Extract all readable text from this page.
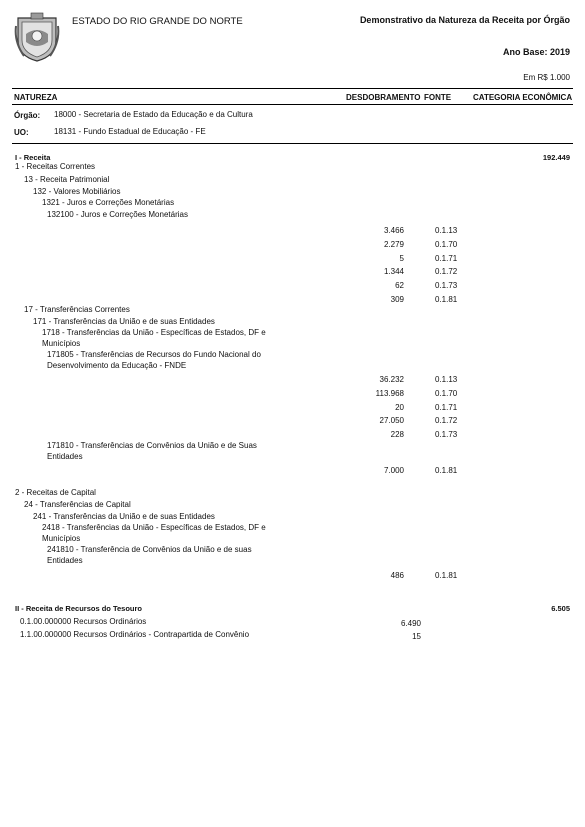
ESTADO DO RIO GRANDE DO NORTE	Demonstrativo da Natureza da Receita por Órgão
Ano Base: 2019
Em R$ 1.000
NATUREZA	DESDOBRAMENTO FONTE	CATEGORIA ECONÔMICA
Órgão: 18000 - Secretaria de Estado da Educação e da Cultura
UO:	18131 - Fundo Estadual de Educação - FE
I - Receita	192.449
1 - Receitas Correntes
13 - Receita Patrimonial
132 - Valores Mobiliários
1321 - Juros e Correções Monetárias
132100 - Juros e Correções Monetárias
3.466	0.1.13
2.279	0.1.70
5	0.1.71
1.344	0.1.72
62	0.1.73
309	0.1.81
17 - Transferências Correntes
171 - Transferências da União e de suas Entidades
1718 - Transferências da União - Específicas de Estados, DF e Municípios
171805 - Transferências de Recursos do Fundo Nacional do Desenvolvimento da Educação - FNDE
36.232	0.1.13
113.968	0.1.70
20	0.1.71
27.050	0.1.72
228	0.1.73
171810 - Transferências de Convênios da União e de Suas Entidades
7.000	0.1.81
2 - Receitas de Capital
24 - Transferências de Capital
241 - Transferências da União e de suas Entidades
2418 - Transferências da União - Específicas de Estados, DF e Municípios
241810 - Transferência de Convênios da União e de suas Entidades
486	0.1.81
II - Receita de Recursos do Tesouro	6.505
0.1.00.000000 Recursos Ordinários	6.490
1.1.00.000000 Recursos Ordinários - Contrapartida de Convênio	15
